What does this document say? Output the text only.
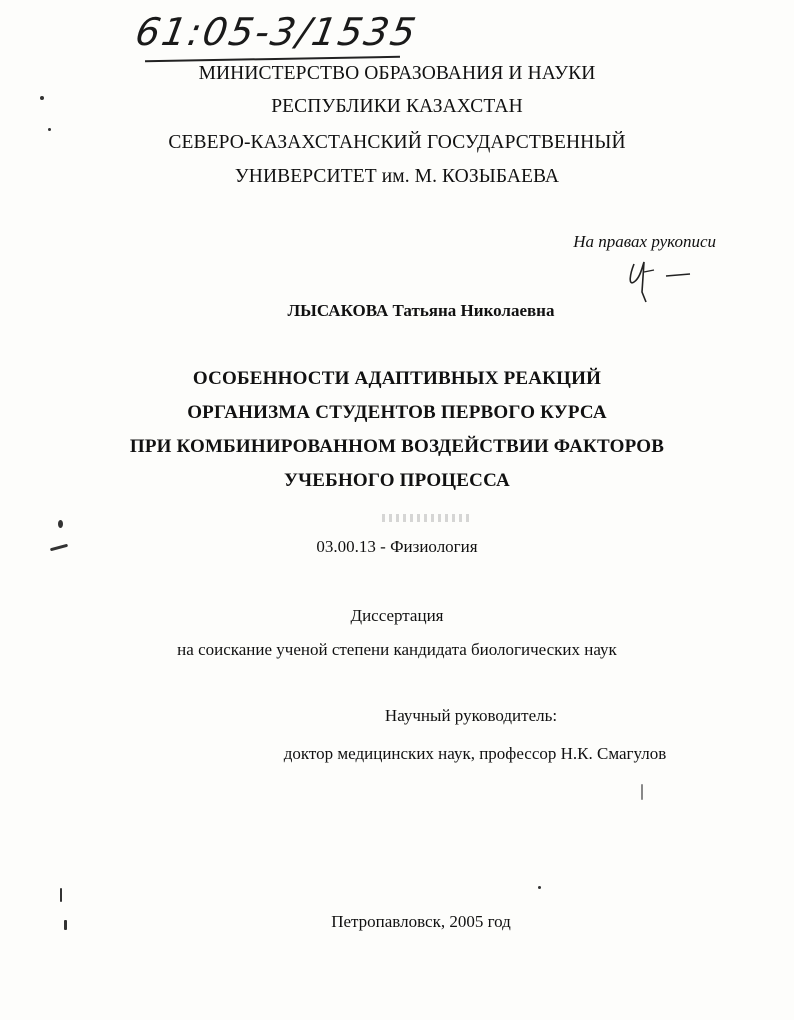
61:05-3/1535
МИНИСТЕРСТВО ОБРАЗОВАНИЯ И НАУКИ
РЕСПУБЛИКИ КАЗАХСТАН
СЕВЕРО-КАЗАХСТАНСКИЙ ГОСУДАРСТВЕННЫЙ
УНИВЕРСИТЕТ им. М. КОЗЫБАЕВА
На правах рукописи
ЛЫСАКОВА Татьяна Николаевна
ОСОБЕННОСТИ АДАПТИВНЫХ РЕАКЦИЙ
ОРГАНИЗМА СТУДЕНТОВ ПЕРВОГО КУРСА
ПРИ КОМБИНИРОВАННОМ ВОЗДЕЙСТВИИ ФАКТОРОВ
УЧЕБНОГО ПРОЦЕССА
03.00.13 - Физиология
Диссертация
на соискание ученой степени кандидата биологических наук
Научный руководитель:
доктор медицинских наук, профессор Н.К. Смагулов
Петропавловск, 2005 год
